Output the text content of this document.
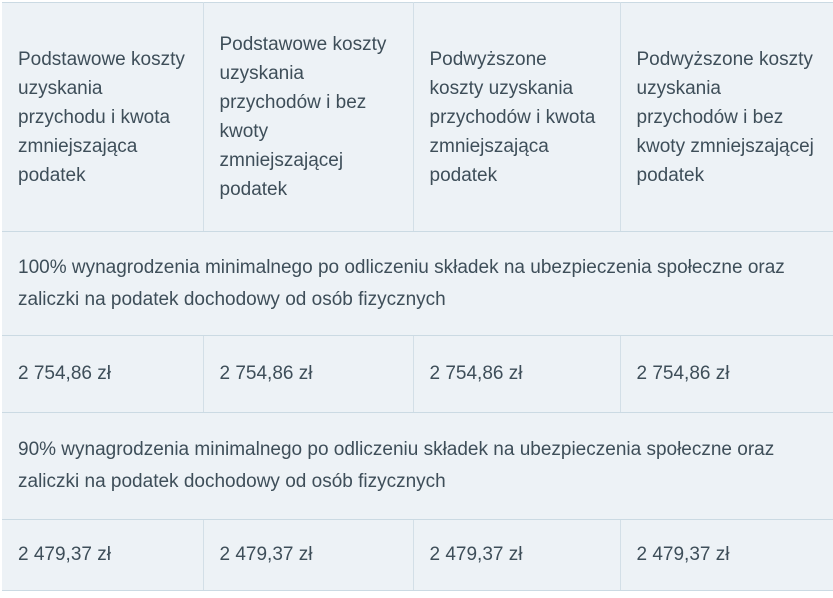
Podstawowe koszty uzyskania przychodu i kwota zmniejszająca podatek	Podstawowe koszty uzyskania przychodów i bez kwoty zmniejszającej podatek	Podwyższone koszty uzyskania przychodów i kwota zmniejszająca podatek	Podwyższone koszty uzyskania przychodów i bez kwoty zmniejszającej podatek
100% wynagrodzenia minimalnego po odliczeniu składek na ubezpieczenia społeczne oraz zaliczki na podatek dochodowy od osób fizycznych			
2 754,86 zł	2 754,86 zł	2 754,86 zł	2 754,86 zł
90% wynagrodzenia minimalnego po odliczeniu składek na ubezpieczenia społeczne oraz zaliczki na podatek dochodowy od osób fizycznych			
2 479,37 zł	2 479,37 zł	2 479,37 zł	2 479,37 zł
